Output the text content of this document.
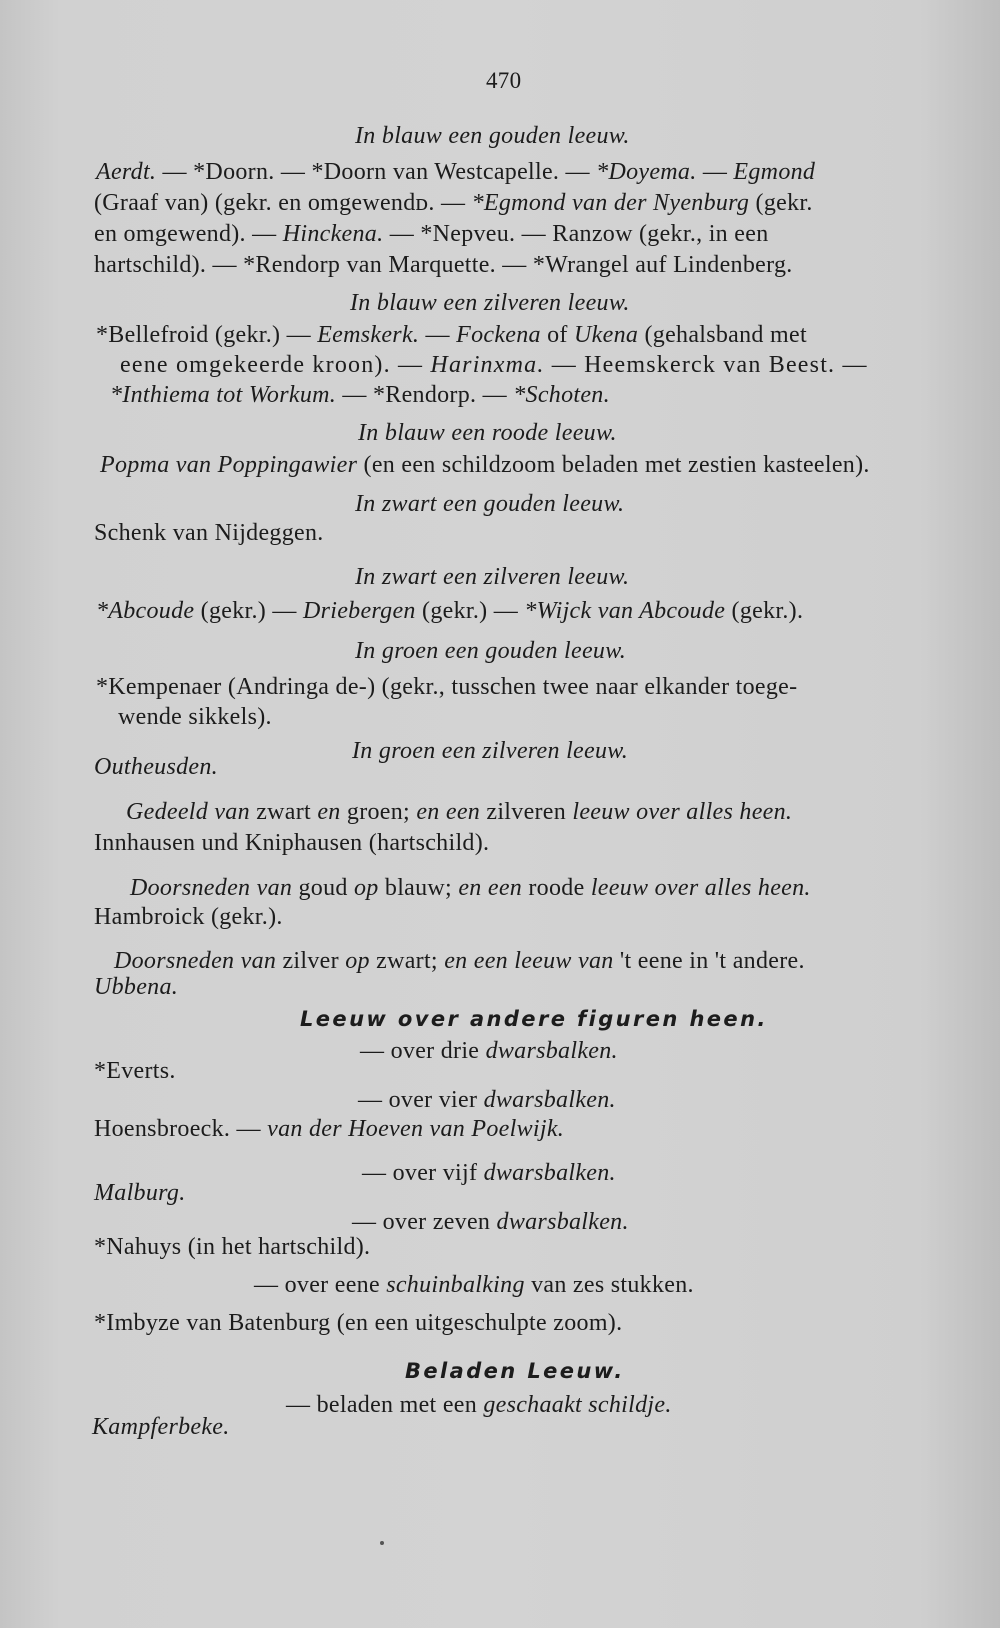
470
In blauw een gouden leeuw.
Aerdt. — *Doorn. — *Doorn van Westcapelle. — *Doyema. — Egmond
(Graaf van) (gekr. en omgewendᴅ. — *Egmond van der Nyenburg (gekr.
en omgewend). — Hinckena. — *Nepveu. — Ranzow (gekr., in een
hartschild). — *Rendorp van Marquette. — *Wrangel auf Lindenberg.
In blauw een zilveren leeuw.
*Bellefroid (gekr.) — Eemskerk. — Fockena of Ukena (gehalsband met
eene omgekeerde kroon). — Harinxma. — Heemskerck van Beest. —
*Inthiema tot Workum. — *Rendorp. — *Schoten.
In blauw een roode leeuw.
Popma van Poppingawier (en een schildzoom beladen met zestien kasteelen).
In zwart een gouden leeuw.
Schenk van Nijdeggen.
In zwart een zilveren leeuw.
*Abcoude (gekr.) — Driebergen (gekr.) — *Wijck van Abcoude (gekr.).
In groen een gouden leeuw.
*Kempenaer (Andringa de-) (gekr., tusschen twee naar elkander toege-
wende sikkels).
In groen een zilveren leeuw.
Outheusden.
Gedeeld van zwart en groen; en een zilveren leeuw over alles heen.
Innhausen und Kniphausen (hartschild).
Doorsneden van goud op blauw; en een roode leeuw over alles heen.
Hambroick (gekr.).
Doorsneden van zilver op zwart; en een leeuw van 't eene in 't andere.
Ubbena.
Leeuw over andere figuren heen.
— over drie dwarsbalken.
*Everts.
— over vier dwarsbalken.
Hoensbroeck. — van der Hoeven van Poelwijk.
— over vijf dwarsbalken.
Malburg.
— over zeven dwarsbalken.
*Nahuys (in het hartschild).
— over eene schuinbalking van zes stukken.
*Imbyze van Batenburg (en een uitgeschulpte zoom).
Beladen Leeuw.
— beladen met een geschaakt schildje.
Kampferbeke.
